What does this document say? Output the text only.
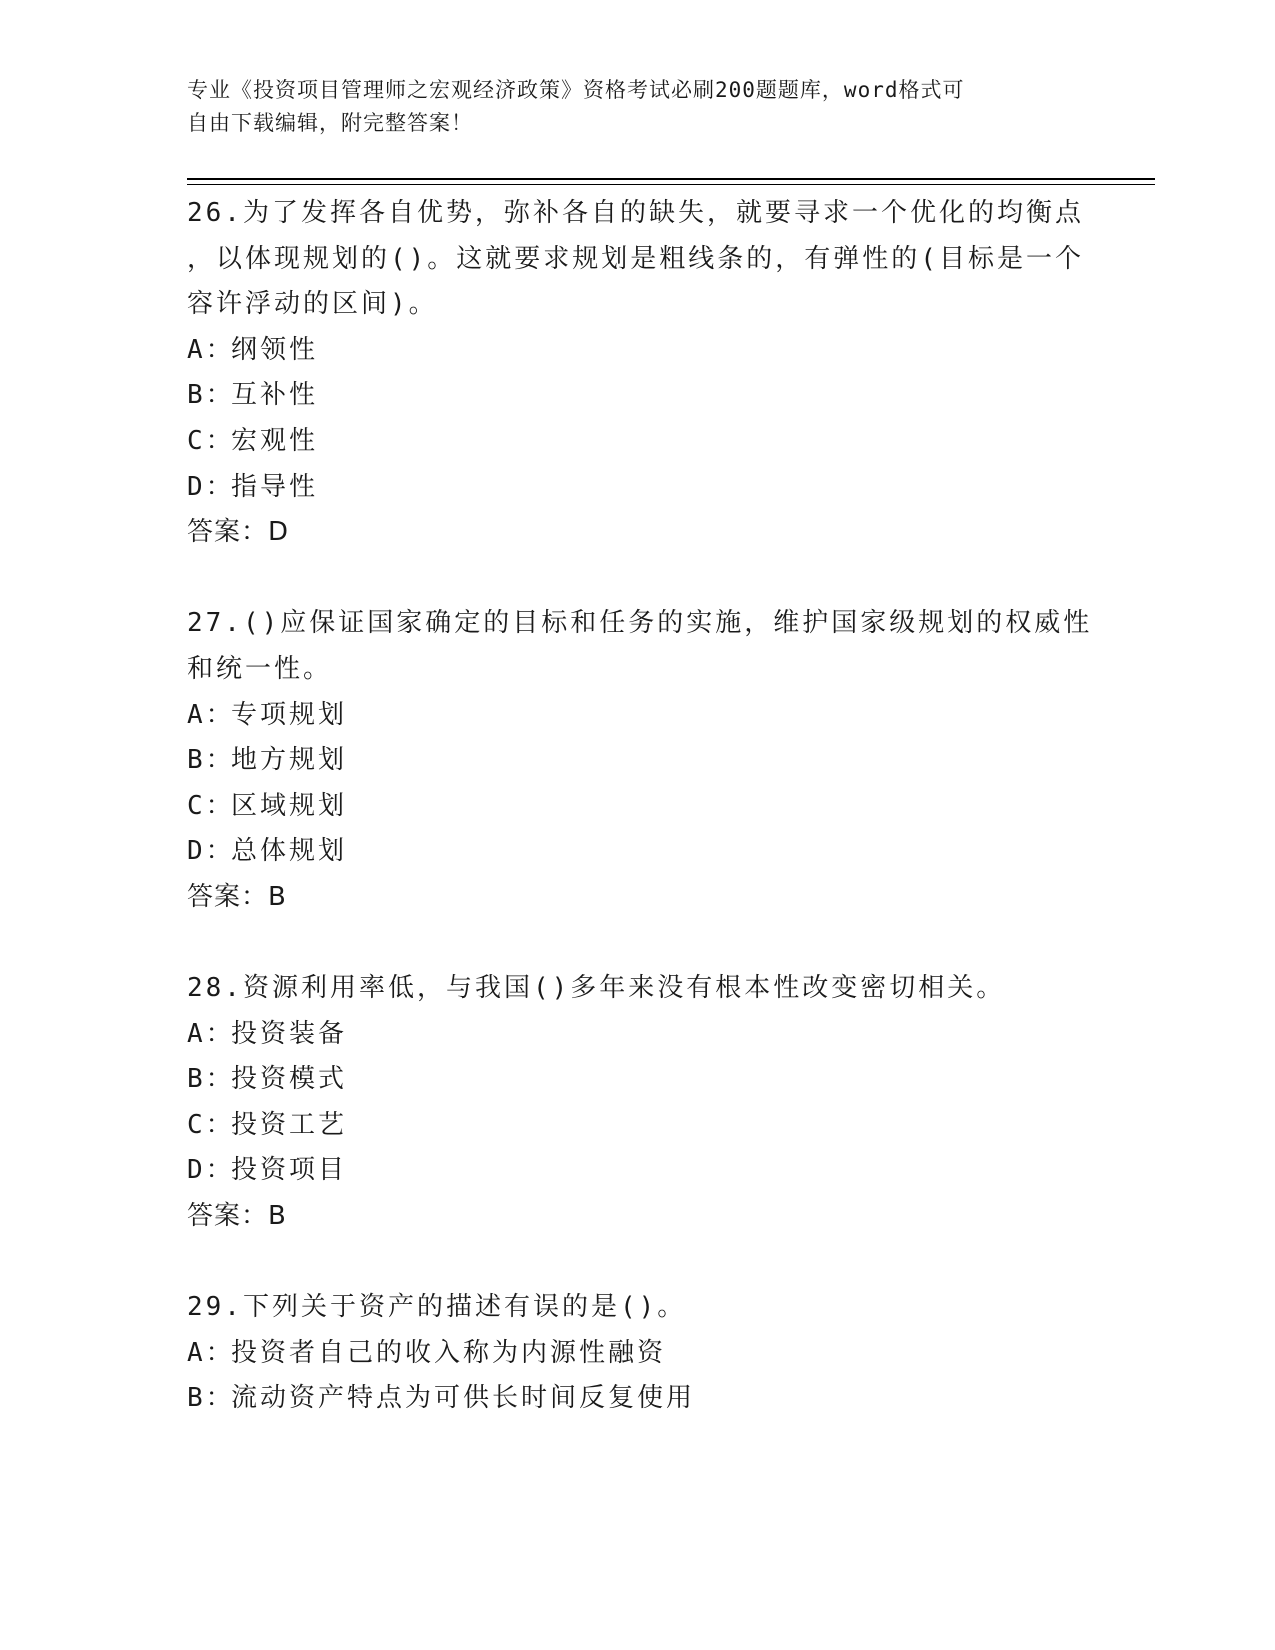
专业《投资项目管理师之宏观经济政策》资格考试必刷200题题库，word格式可
自由下载编辑，附完整答案！
26.为了发挥各自优势，弥补各自的缺失，就要寻求一个优化的均衡点
，以体现规划的()。这就要求规划是粗线条的，有弹性的(目标是一个
容许浮动的区间)。
A：纲领性
B：互补性
C：宏观性
D：指导性
答案：D
27.()应保证国家确定的目标和任务的实施，维护国家级规划的权威性
和统一性。
A：专项规划
B：地方规划
C：区域规划
D：总体规划
答案：B
28.资源利用率低，与我国()多年来没有根本性改变密切相关。
A：投资装备
B：投资模式
C：投资工艺
D：投资项目
答案：B
29.下列关于资产的描述有误的是()。
A：投资者自己的收入称为内源性融资
B：流动资产特点为可供长时间反复使用
